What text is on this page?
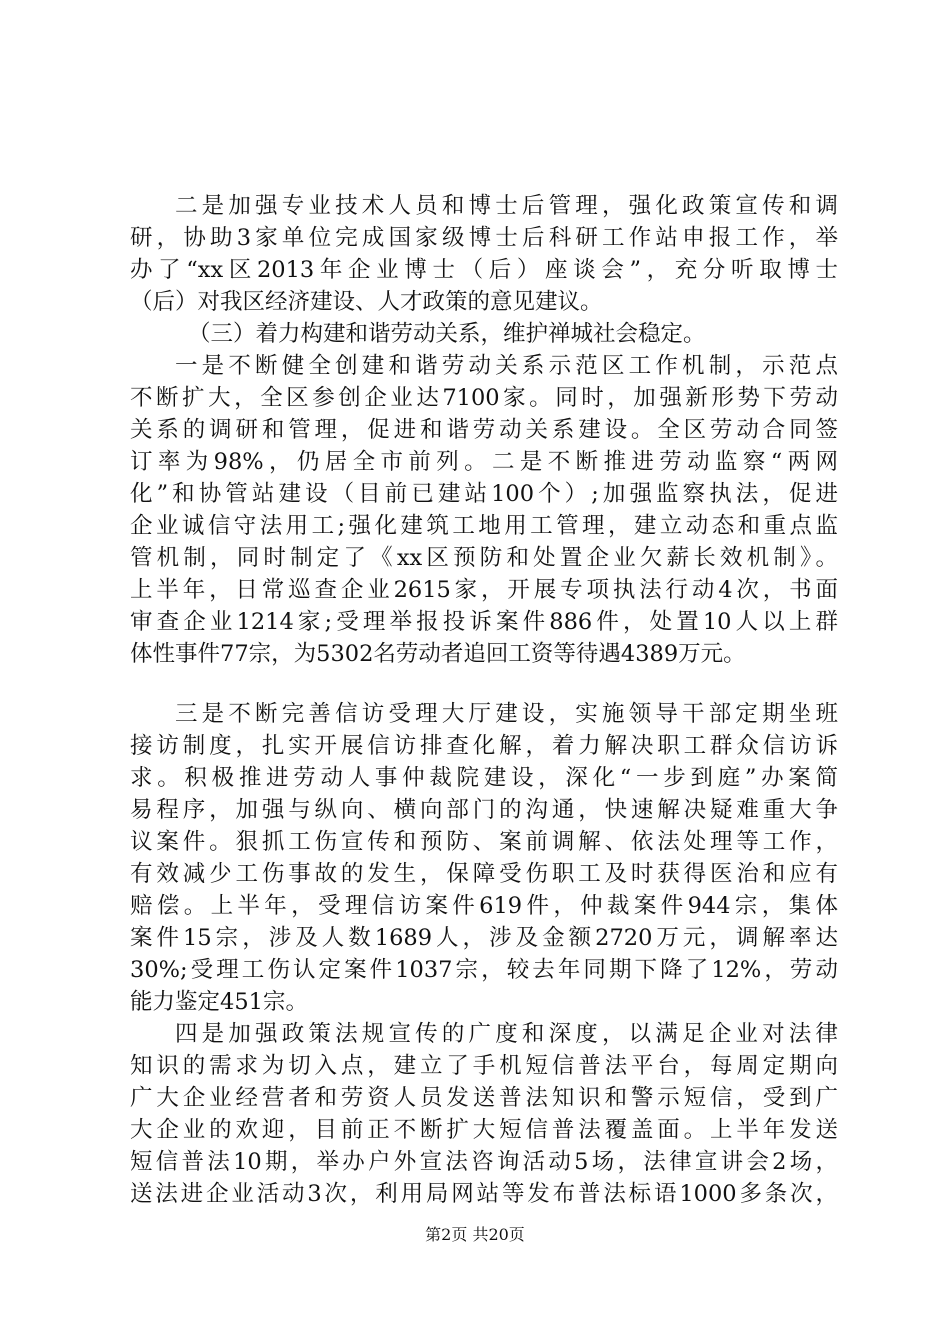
二是加强专业技术人员和博士后管理，强化政策宣传和调
研，协助3家单位完成国家级博士后科研工作站申报工作，举
办了“xx区2013年企业博士（后）座谈会”，充分听取博士
（后）对我区经济建设、人才政策的意见建议。
（三）着力构建和谐劳动关系，维护禅城社会稳定。
一是不断健全创建和谐劳动关系示范区工作机制，示范点
不断扩大，全区参创企业达7100家。同时，加强新形势下劳动
关系的调研和管理，促进和谐劳动关系建设。全区劳动合同签
订率为98%，仍居全市前列。二是不断推进劳动监察“两网
化”和协管站建设（目前已建站100个）;加强监察执法，促进
企业诚信守法用工;强化建筑工地用工管理，建立动态和重点监
管机制，同时制定了《xx区预防和处置企业欠薪长效机制》。
上半年，日常巡查企业2615家，开展专项执法行动4次，书面
审查企业1214家;受理举报投诉案件886件，处置10人以上群
体性事件77宗，为5302名劳动者追回工资等待遇4389万元。
三是不断完善信访受理大厅建设，实施领导干部定期坐班
接访制度，扎实开展信访排查化解，着力解决职工群众信访诉
求。积极推进劳动人事仲裁院建设，深化“一步到庭”办案简
易程序，加强与纵向、横向部门的沟通，快速解决疑难重大争
议案件。狠抓工伤宣传和预防、案前调解、依法处理等工作，
有效减少工伤事故的发生，保障受伤职工及时获得医治和应有
赔偿。上半年，受理信访案件619件，仲裁案件944宗，集体
案件15宗，涉及人数1689人，涉及金额2720万元，调解率达
30%;受理工伤认定案件1037宗，较去年同期下降了12%，劳动
能力鉴定451宗。
四是加强政策法规宣传的广度和深度，以满足企业对法律
知识的需求为切入点，建立了手机短信普法平台，每周定期向
广大企业经营者和劳资人员发送普法知识和警示短信，受到广
大企业的欢迎，目前正不断扩大短信普法覆盖面。上半年发送
短信普法10期，举办户外宣法咨询活动5场，法律宣讲会2场，
送法进企业活动3次，利用局网站等发布普法标语1000多条次，
第2页 共20页
